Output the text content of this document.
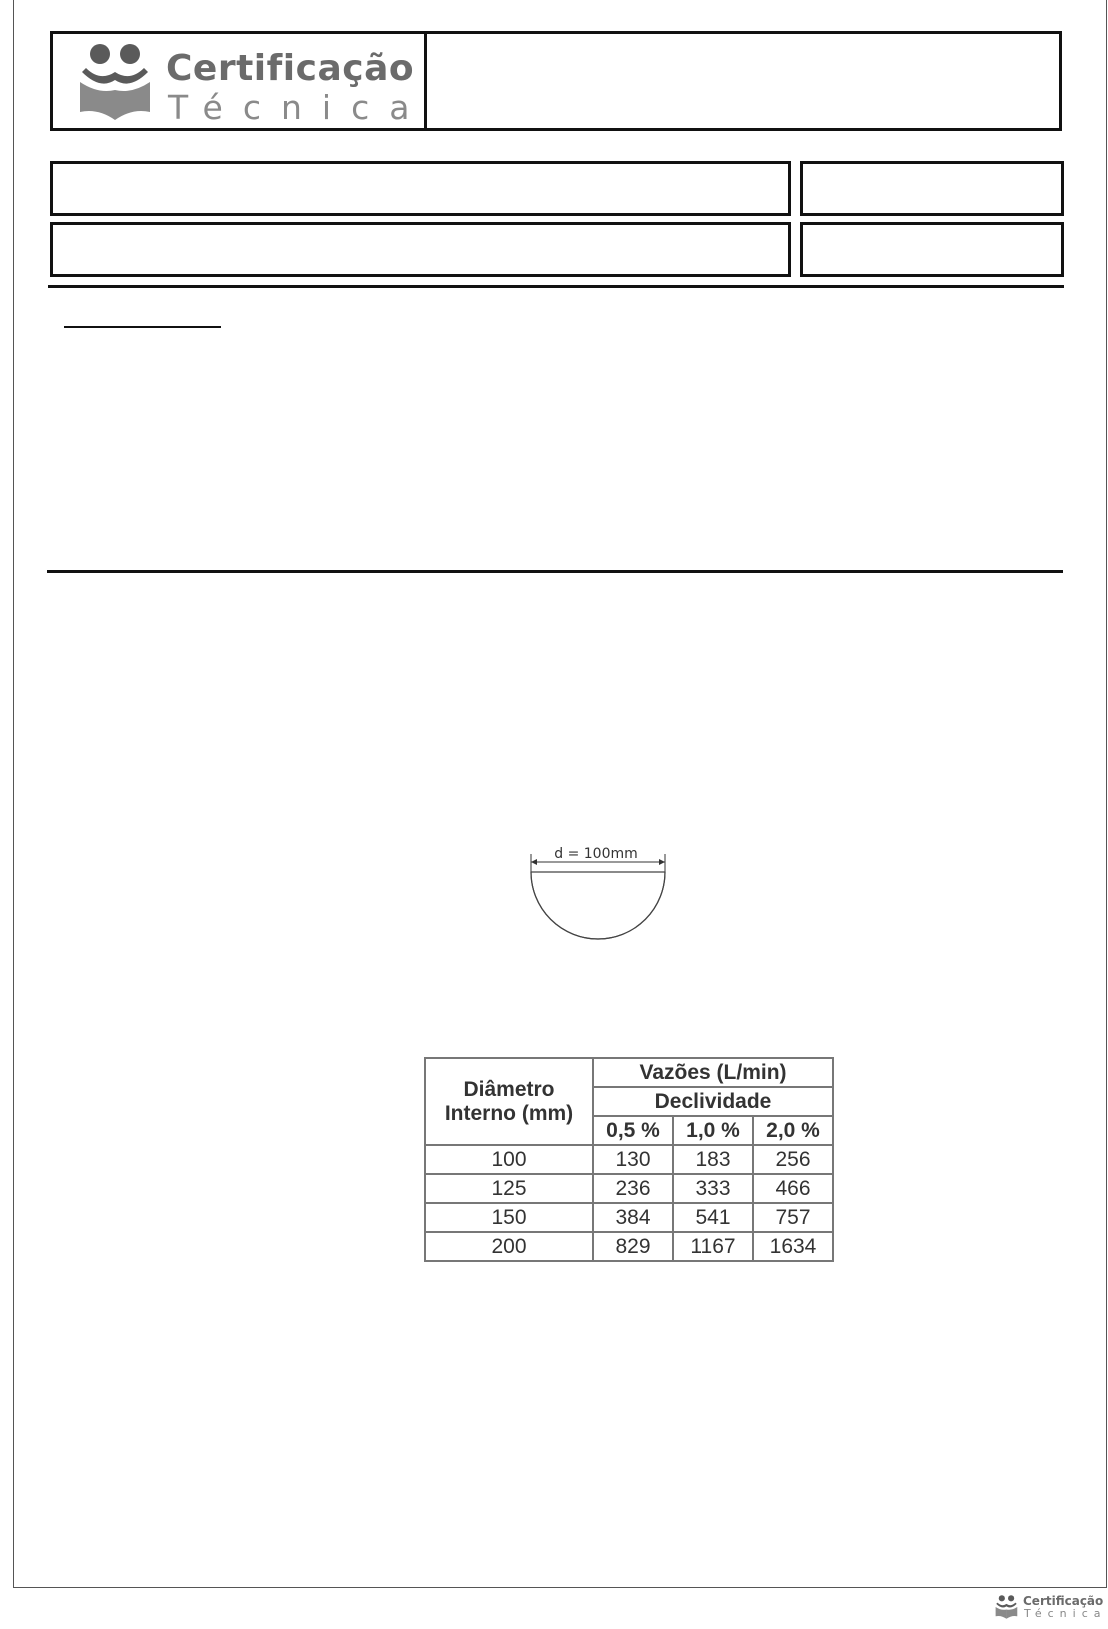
Certificação
Técnica
d = 100mm
Diâmetro
Interno (mm)	Vazões (L/min)		
	Declividade		
	0,5 %	1,0 %	2,0 %
100	130	183	256
125	236	333	466
150	384	541	757
200	829	1167	1634
Certificação
Técnica
